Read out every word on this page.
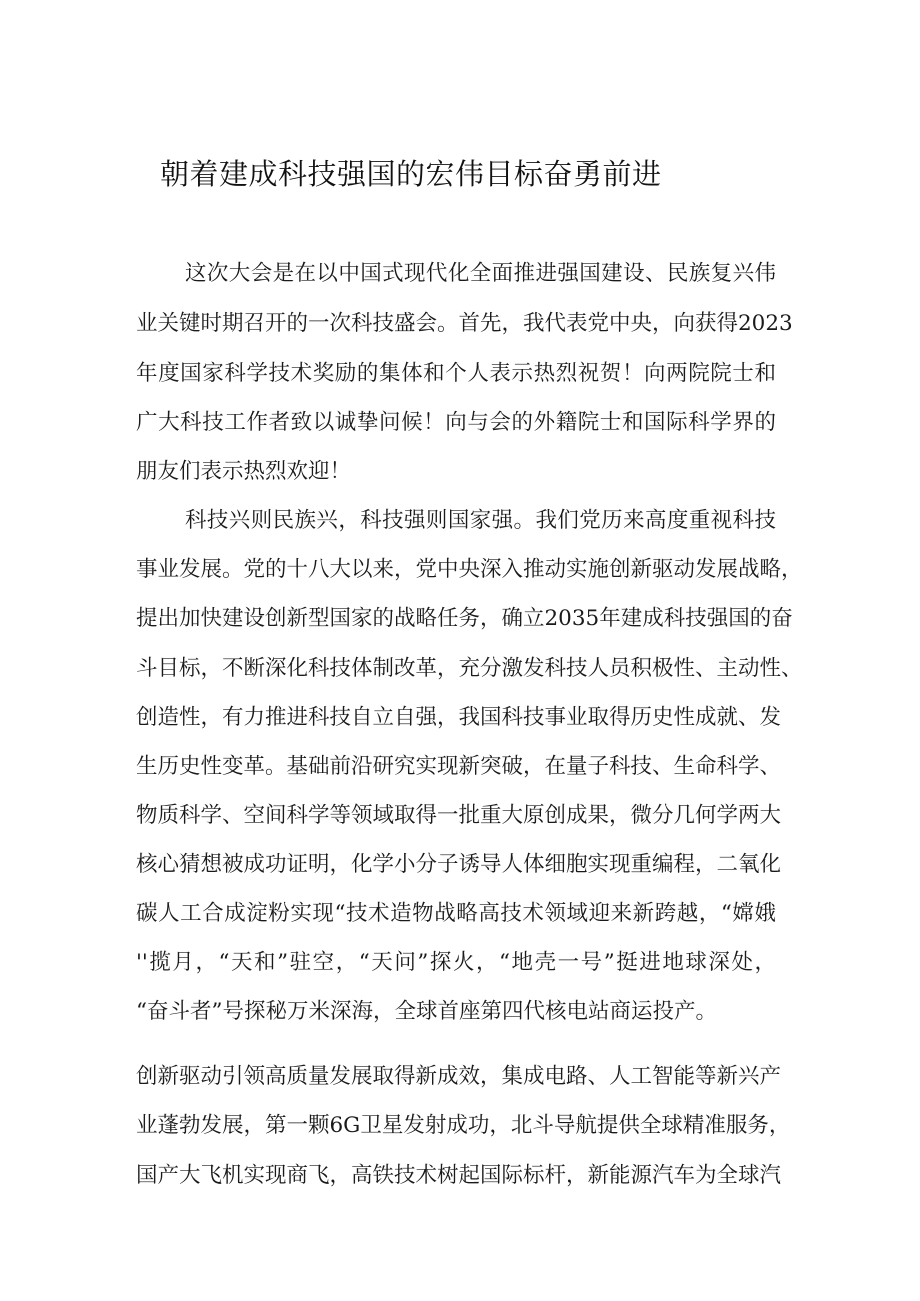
朝着建成科技强国的宏伟目标奋勇前进
这次大会是在以中国式现代化全面推进强国建设、民族复兴伟
业关键时期召开的一次科技盛会。首先，我代表党中央，向获得2023
年度国家科学技术奖励的集体和个人表示热烈祝贺！向两院院士和
广大科技工作者致以诚挚问候！向与会的外籍院士和国际科学界的
朋友们表示热烈欢迎！
科技兴则民族兴，科技强则国家强。我们党历来高度重视科技
事业发展。党的十八大以来，党中央深入推动实施创新驱动发展战略，
提出加快建设创新型国家的战略任务，确立2035年建成科技强国的奋
斗目标，不断深化科技体制改革，充分激发科技人员积极性、主动性、
创造性，有力推进科技自立自强，我国科技事业取得历史性成就、发
生历史性变革。基础前沿研究实现新突破，在量子科技、生命科学、
物质科学、空间科学等领域取得一批重大原创成果，微分几何学两大
核心猜想被成功证明，化学小分子诱导人体细胞实现重编程，二氧化
碳人工合成淀粉实现“技术造物战略高技术领域迎来新跨越，“嫦娥
''揽月，“天和”驻空，“天问”探火，“地壳一号”挺进地球深处，
“奋斗者”号探秘万米深海，全球首座第四代核电站商运投产。
创新驱动引领高质量发展取得新成效，集成电路、人工智能等新兴产
业蓬勃发展，第一颗6G卫星发射成功，北斗导航提供全球精准服务，
国产大飞机实现商飞，高铁技术树起国际标杆，新能源汽车为全球汽
